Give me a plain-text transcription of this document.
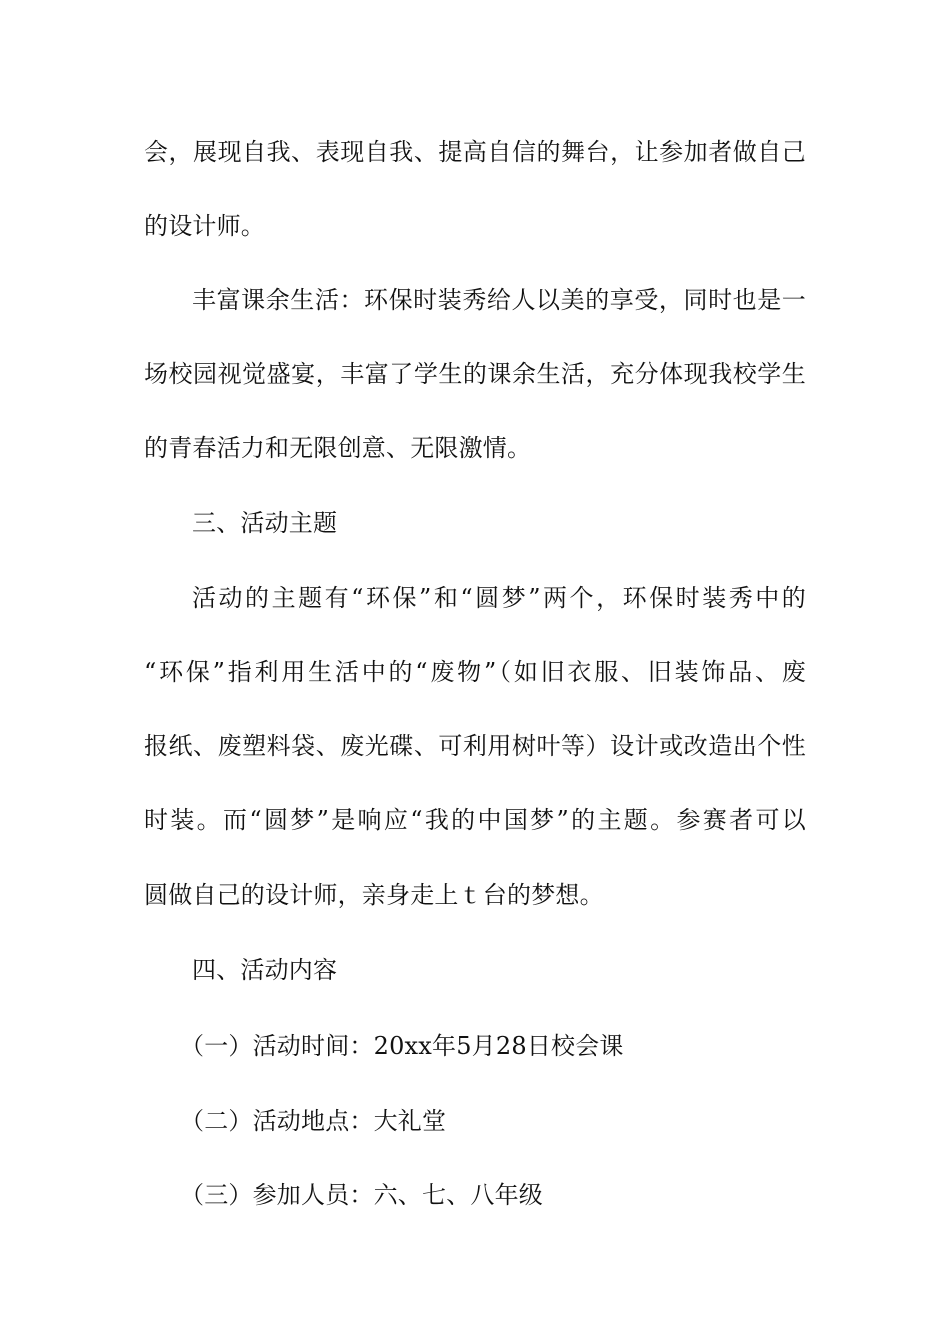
会，展现自我、表现自我、提高自信的舞台，让参加者做自己
的设计师。
丰富课余生活：环保时装秀给人以美的享受，同时也是一
场校园视觉盛宴，丰富了学生的课余生活，充分体现我校学生
的青春活力和无限创意、无限激情。
三、活动主题
活动的主题有“环保”和“圆梦”两个，环保时装秀中的
“环保”指利用生活中的“废物”（如旧衣服、旧装饰品、废
报纸、废塑料袋、废光碟、可利用树叶等）设计或改造出个性
时装。而“圆梦”是响应“我的中国梦”的主题。参赛者可以
圆做自己的设计师，亲身走上ｔ台的梦想。
四、活动内容
（一）活动时间：20xx年5月28日校会课
（二）活动地点：大礼堂
（三）参加人员：六、七、八年级
